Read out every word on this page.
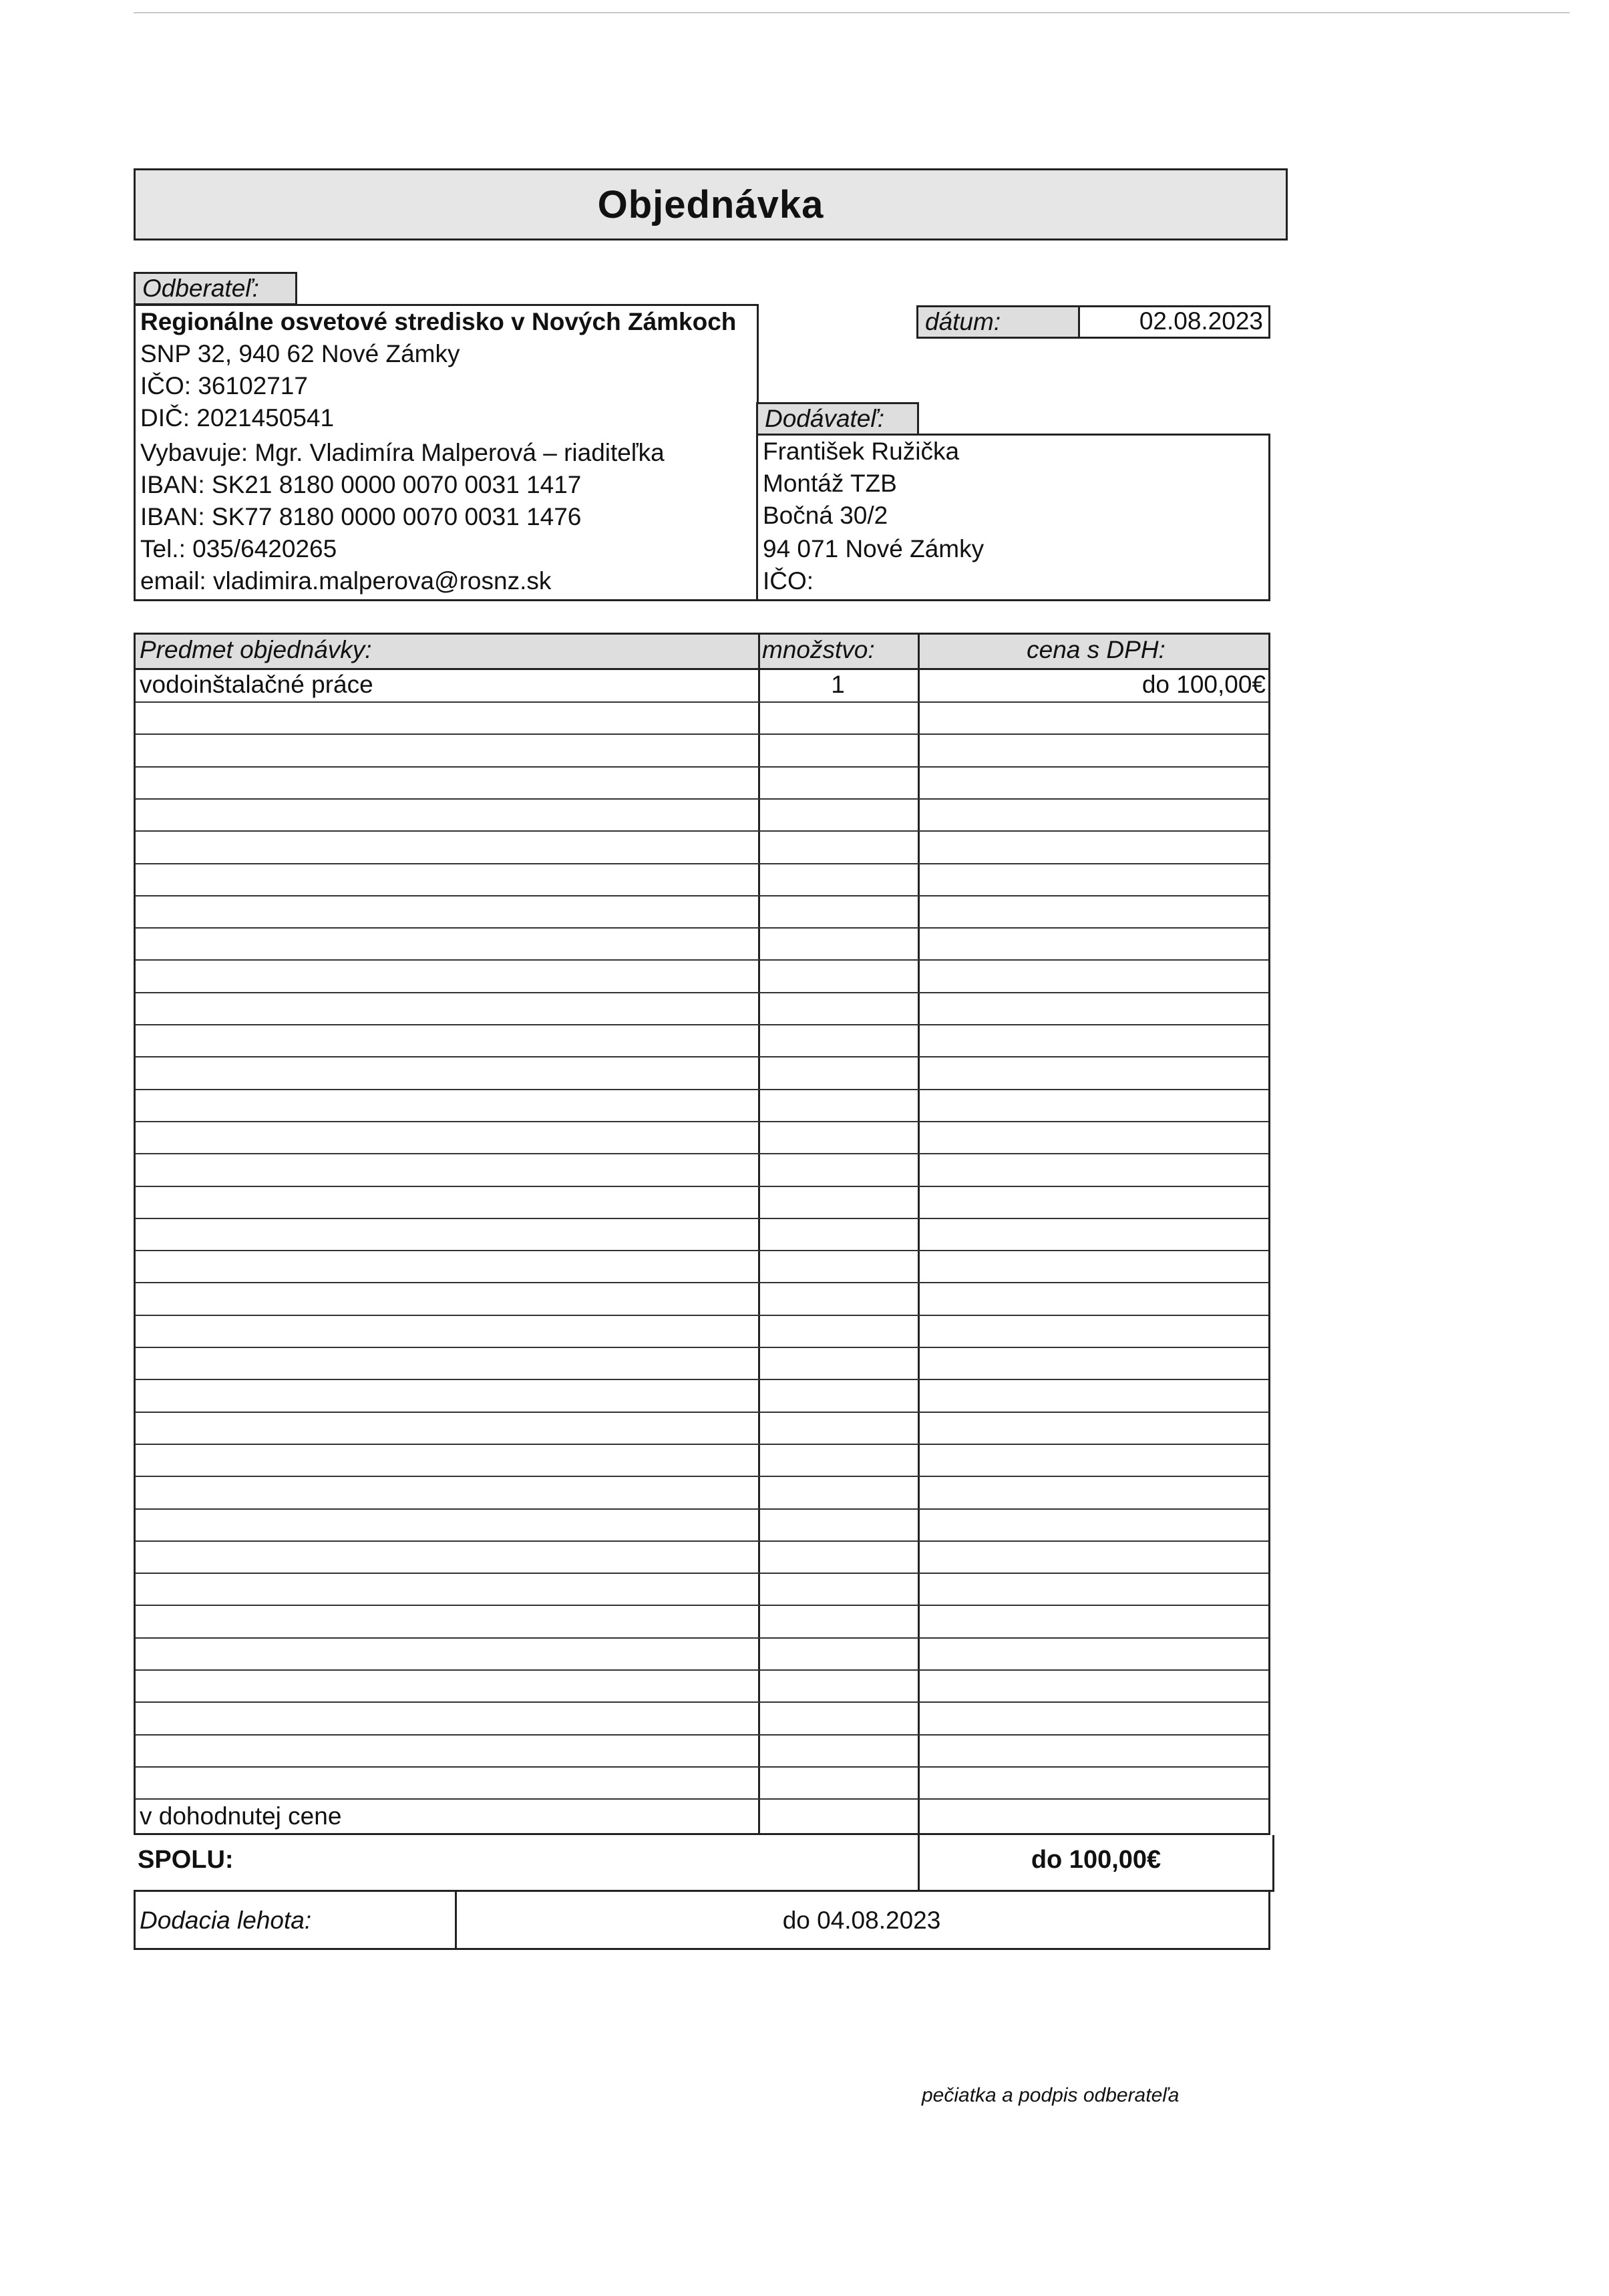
Objednávka
Odberateľ:
Regionálne osvetové stredisko v Nových Zámkoch
SNP 32, 940 62 Nové Zámky
IČO: 36102717
DIČ: 2021450541
Vybavuje: Mgr. Vladimíra Malperová – riaditeľka
IBAN: SK21 8180 0000 0070 0031 1417
IBAN: SK77 8180 0000 0070 0031 1476
Tel.: 035/6420265
email: vladimira.malperova@rosnz.sk
dátum:	02.08.2023
Dodávateľ:
František Ružička
Montáž TZB
Bočná 30/2
94 071 Nové Zámky
IČO:
Predmet objednávky:	množstvo:	cena s DPH:
vodoinštalačné práce	1	do 100,00€
v dohodnutej cene
SPOLU:	do 100,00€
Dodacia lehota:	do 04.08.2023
pečiatka a podpis odberateľa
